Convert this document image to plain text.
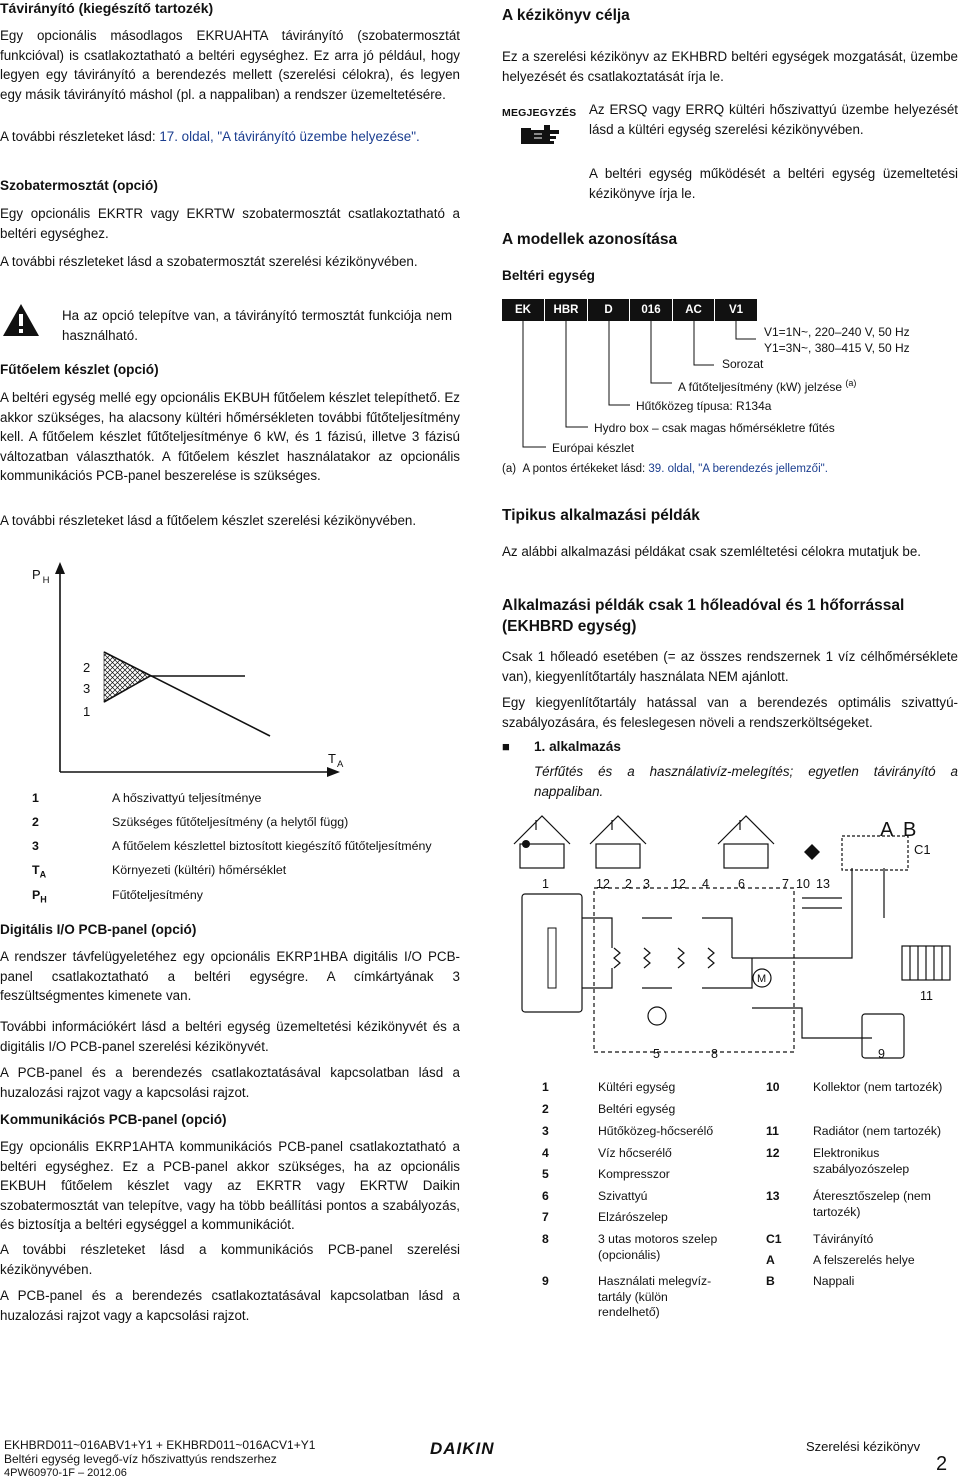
Távirányító (kiegészítő tartozék)

Egy opcionális másodlagos EKRUAHTA távirányító (szobatermosztát funkcióval) is csatlakoztatható a beltéri egységhez. Ez arra jó például, hogy legyen egy távirányító a berendezés mellett (szerelési célokra), és legyen egy másik távirányító máshol (pl. a nappaliban) a rendszer üzemeltetésére.

A további részleteket lásd: 17. oldal, "A távirányító üzembe helyezése".

Szobatermosztát (opció)

Egy opcionális EKRTR vagy EKRTW szobatermosztát csatlakoztatható a beltéri egységhez.

A további részleteket lásd a szobatermosztát szerelési kézikönyvében.

Ha az opció telepítve van, a távirányító termosztát funkciója nem használható.

Fűtőelem készlet (opció)

A beltéri egység mellé egy opcionális EKBUH fűtőelem készlet telepíthető. Ez akkor szükséges, ha alacsony kültéri hőmérsékleten további fűtőteljesítmény kell. A fűtőelem készlet fűtőteljesítménye 6 kW, és 1 fázisú, illetve 3 fázisú változatban választhatók. A fűtőelem készlet használatakor az opcionális kommunikációs PCB-panel beszerelése is szükséges.

A további részleteket lásd a fűtőelem készlet szerelési kézikönyvében.

P $_H$
$T_A$
2
3
1
1	A hőszivattyú teljesítménye
2	Szükséges fűtőteljesítmény (a helytől függ)
3	A fűtőelem készlettel biztosított kiegészítő fűtőteljesítmény
$T_A$	Környezeti (kültéri) hőmérséklet
$P_H$	Fűtőteljesítmény
Digitális I/O PCB-panel (opció)

A rendszer távfelügyeletéhez egy opcionális EKRP1HBA digitális I/O PCB-panel csatlakoztatható a beltéri egységre. A címkártyának 3 feszültségmentes kimenete van.

További információkért lásd a beltéri egység üzemeltetési kézikönyvét és a digitális I/O PCB-panel szerelési kézikönyvét.

A PCB-panel és a berendezés csatlakoztatásával kapcsolatban lásd a huzalozási rajzot vagy a kapcsolási rajzot.

Kommunikációs PCB-panel (opció)

Egy opcionális EKRP1AHTA kommunikációs PCB-panel csatlakoztatható a beltéri egységhez. Ez a PCB-panel akkor szükséges, ha az opcionális EKBUH fűtőelem készlet vagy az EKRTR vagy EKRTW Daikin szobatermosztát van telepítve, vagy ha több beállítási pontos a szabályozás, és biztosítja a beltéri egységgel a kommunikációt.

A további részleteket lásd a kommunikációs PCB-panel szerelési kézikönyvében.

A PCB-panel és a berendezés csatlakoztatásával kapcsolatban lásd a huzalozási rajzot vagy a kapcsolási rajzot.

A kézikönyv célja

Ez a szerelési kézikönyv az EKHBRD beltéri egységek mozgatását, üzembe helyezését és csatlakoztatását írja le.

MEGJEGYZÉS Az ERSQ vagy ERRQ kültéri hőszivattyú üzembe helyezését lásd a kültéri egység szerelési kézikönyvében.

A beltéri egység működését a beltéri egység üzemeltetési kézikönyve írja le.

A modellek azonosítása
Beltéri egység
EK	HBR	D	016	AC	V1
V1=1N~, 220–240 V, 50 Hz
Y1=3N~, 380–415 V, 50 Hz
Sorozat
A fűtőteljesítmény (kW) jelzése $^{(a)}$
Hűtőközeg típusa: R134a
Hydro box – csak magas hőmérsékletre fűtés
Európai készlet
(a) A pontos értékeket lásd: 39. oldal, "A berendezés jellemzői".
Tipikus alkalmazási példák

Az alábbi alkalmazási példákat csak szemléltetési célokra mutatjuk be.

Alkalmazási példák csak 1 hőleadóval és 1 hőforrással (EKHBRD egység)

Csak 1 hőleadó esetében (= az összes rendszernek 1 víz célhőmérséklete van), kiegyenlítőtartály használata NEM ajánlott.

Egy kiegyenlítőtartály hatással van a berendezés optimális szivattyúszabályozására, és feleslegesen növeli a rendszerköltségeket.

■ 1. alkalmazás

Térfűtés és a használativíz-melegítés; egyetlen távirányító a nappaliban.

A B
C1
M
1	12 2 3 12 4 6	7 10 13
11
5	8	9
1	Kültéri egység
2	Beltéri egység
3	Hűtőközeg-hőcserélő
4	Víz hőcserélő
5	Kompresszor
6	Szivattyú
7	Elzárószelep
8	3 utas motoros szelep (opcionális)
9	Használati melegvíztartály (külön rendelhető)
10	Kollektor (nem tartozék)
11	Radiátor (nem tartozék)
12	Elektronikus szabályozószelep
13	Áteresztőszelep (nem tartozék)
C1	Távirányító
A	A felszerelés helye
B	Nappali
EKHBRD011~016ABV1+Y1 + EKHBRD011~016ACV1+Y1
Beltéri egység levegő-víz hőszivattyús rendszerhez
4PW60970-1F – 2012.06
DAIKIN	Szerelési kézikönyv
2
